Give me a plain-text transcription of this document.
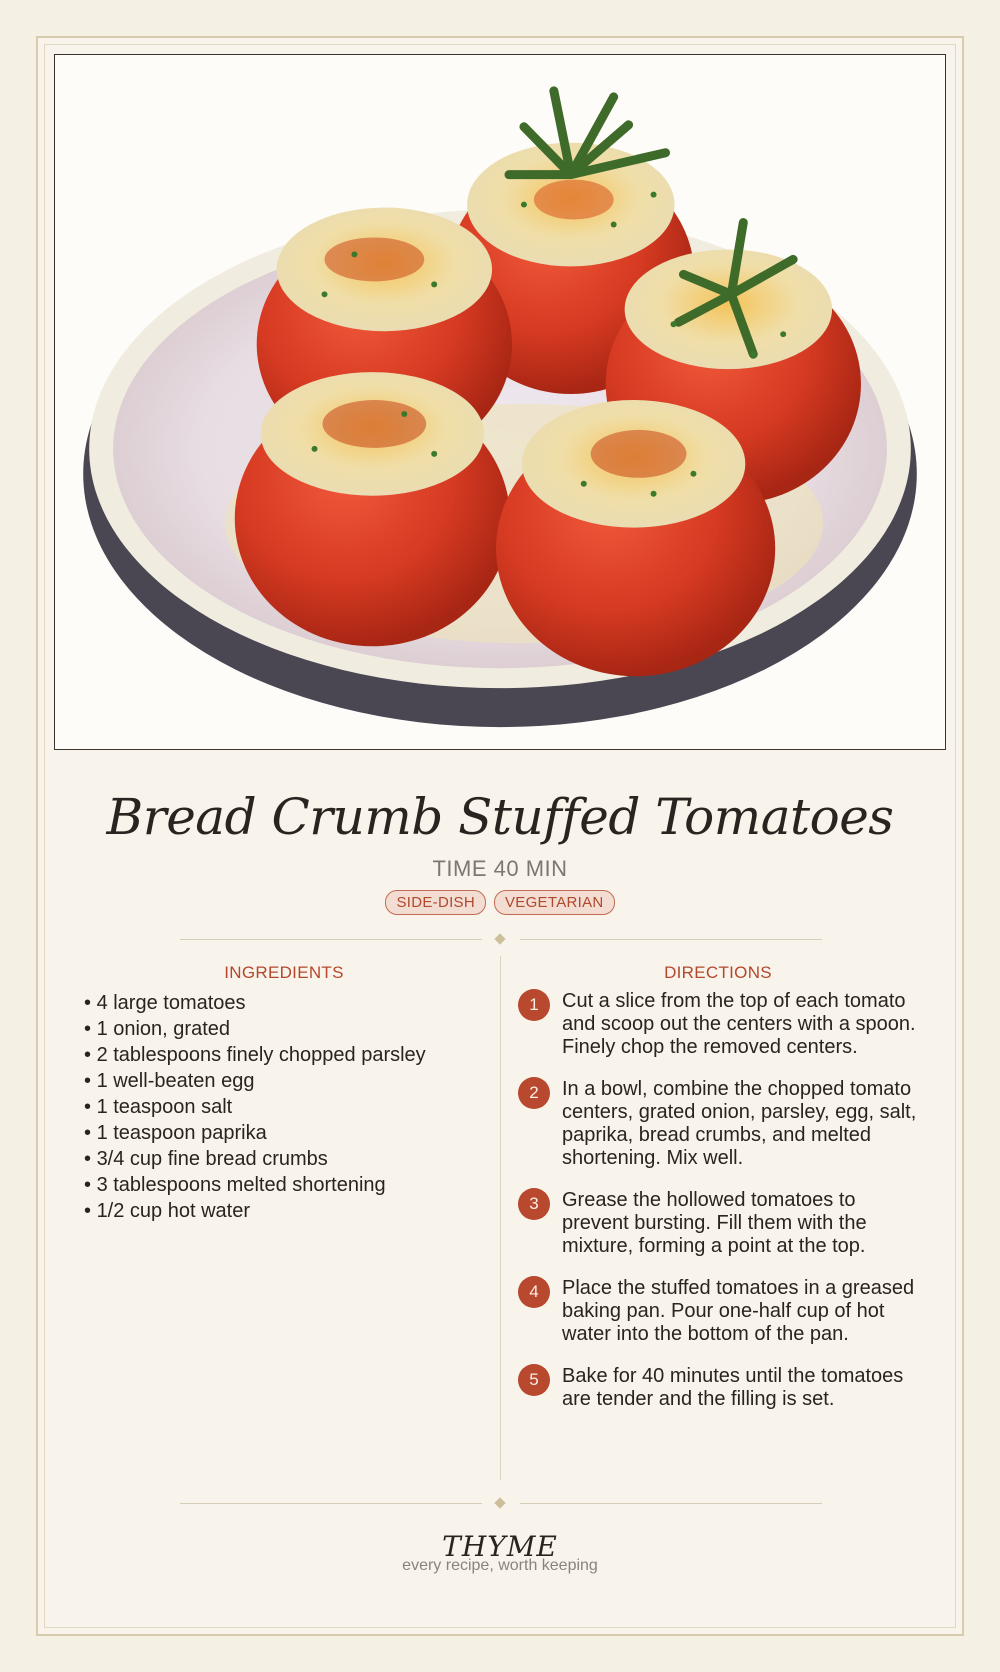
Bread Crumb Stuffed Tomatoes
TIME 40 MIN
SIDE-DISH	VEGETARIAN
INGREDIENTS
• 4 large tomatoes
• 1 onion, grated
• 2 tablespoons finely chopped parsley
• 1 well-beaten egg
• 1 teaspoon salt
• 1 teaspoon paprika
• 3/4 cup fine bread crumbs
• 3 tablespoons melted shortening
• 1/2 cup hot water
DIRECTIONS
1	Cut a slice from the top of each tomato and scoop out the centers with a spoon. Finely chop the removed centers.
2	In a bowl, combine the chopped tomato centers, grated onion, parsley, egg, salt, paprika, bread crumbs, and melted shortening. Mix well.
3	Grease the hollowed tomatoes to prevent bursting. Fill them with the mixture, forming a point at the top.
4	Place the stuffed tomatoes in a greased baking pan. Pour one-half cup of hot water into the bottom of the pan.
5	Bake for 40 minutes until the tomatoes are tender and the filling is set.
THYME
every recipe, worth keeping
